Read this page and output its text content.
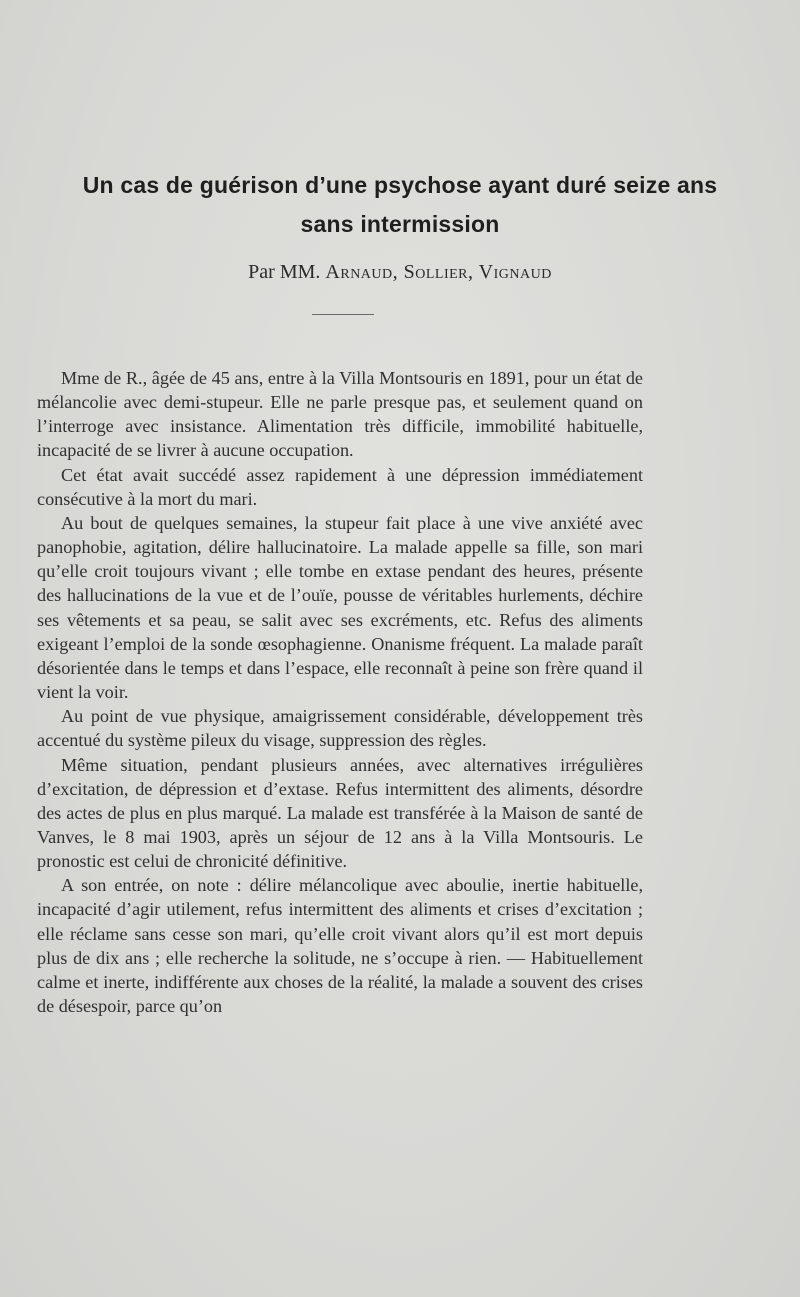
Un cas de guérison d’une psychose ayant duré seize ans
sans intermission
Par MM. Arnaud, Sollier, Vignaud

Mme de R., âgée de 45 ans, entre à la Villa Montsouris en 1891, pour un état de mélancolie avec demi-stupeur. Elle ne parle presque pas, et seulement quand on l’interroge avec insistance. Alimentation très difficile, immobilité habituelle, incapacité de se livrer à aucune occupation.

Cet état avait succédé assez rapidement à une dépression immédiatement consécutive à la mort du mari.

Au bout de quelques semaines, la stupeur fait place à une vive anxiété avec panophobie, agitation, délire hallucinatoire. La malade appelle sa fille, son mari qu’elle croit toujours vivant ; elle tombe en extase pendant des heures, présente des hallucinations de la vue et de l’ouïe, pousse de véritables hurlements, déchire ses vêtements et sa peau, se salit avec ses excréments, etc. Refus des aliments exigeant l’emploi de la sonde œsophagienne. Onanisme fréquent. La malade paraît désorientée dans le temps et dans l’espace, elle reconnaît à peine son frère quand il vient la voir.

Au point de vue physique, amaigrissement considérable, développement très accentué du système pileux du visage, suppression des règles.

Même situation, pendant plusieurs années, avec alternatives irrégulières d’excitation, de dépression et d’extase. Refus intermittent des aliments, désordre des actes de plus en plus marqué. La malade est transférée à la Maison de santé de Vanves, le 8 mai 1903, après un séjour de 12 ans à la Villa Montsouris. Le pronostic est celui de chronicité définitive.

A son entrée, on note : délire mélancolique avec aboulie, inertie habituelle, incapacité d’agir utilement, refus intermittent des aliments et crises d’excitation ; elle réclame sans cesse son mari, qu’elle croit vivant alors qu’il est mort depuis plus de dix ans ; elle recherche la solitude, ne s’occupe à rien. — Habituellement calme et inerte, indifférente aux choses de la réalité, la malade a souvent des crises de désespoir, parce qu’on
